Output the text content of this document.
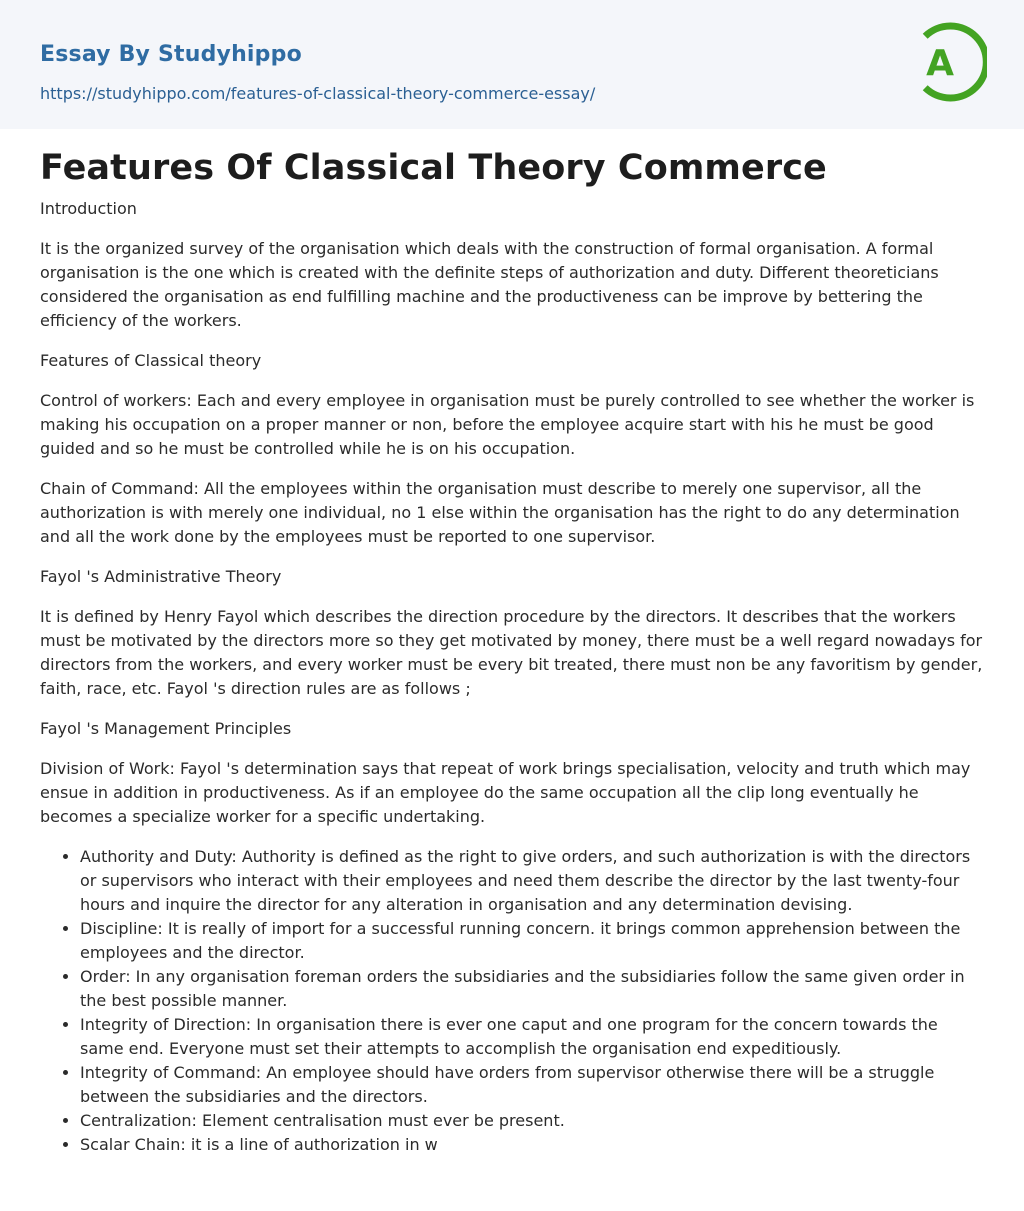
Essay By Studyhippo
https://studyhippo.com/features-of-classical-theory-commerce-essay/
A
Features Of Classical Theory Commerce

Introduction

It is the organized survey of the organisation which deals with the construction of formal organisation. A formal organisation is the one which is created with the definite steps of authorization and duty. Different theoreticians considered the organisation as end fulfilling machine and the productiveness can be improve by bettering the efficiency of the workers.

Features of Classical theory

Control of workers: Each and every employee in organisation must be purely controlled to see whether the worker is making his occupation on a proper manner or non, before the employee acquire start with his he must be good guided and so he must be controlled while he is on his occupation.

Chain of Command: All the employees within the organisation must describe to merely one supervisor, all the authorization is with merely one individual, no 1 else within the organisation has the right to do any determination and all the work done by the employees must be reported to one supervisor.

Fayol 's Administrative Theory

It is defined by Henry Fayol which describes the direction procedure by the directors. It describes that the workers must be motivated by the directors more so they get motivated by money, there must be a well regard nowadays for directors from the workers, and every worker must be every bit treated, there must non be any favoritism by gender, faith, race, etc. Fayol 's direction rules are as follows ;

Fayol 's Management Principles

Division of Work: Fayol 's determination says that repeat of work brings specialisation, velocity and truth which may ensue in addition in productiveness. As if an employee do the same occupation all the clip long eventually he becomes a specialize worker for a specific undertaking.

• Authority and Duty: Authority is defined as the right to give orders, and such authorization is with the directors or supervisors who interact with their employees and need them describe the director by the last twenty-four hours and inquire the director for any alteration in organisation and any determination devising.
• Discipline: It is really of import for a successful running concern. it brings common apprehension between the employees and the director.
• Order: In any organisation foreman orders the subsidiaries and the subsidiaries follow the same given order in the best possible manner.
• Integrity of Direction: In organisation there is ever one caput and one program for the concern towards the same end. Everyone must set their attempts to accomplish the organisation end expeditiously.
• Integrity of Command: An employee should have orders from supervisor otherwise there will be a struggle between the subsidiaries and the directors.
• Centralization: Element centralisation must ever be present.
• Scalar Chain: it is a line of authorization in w
